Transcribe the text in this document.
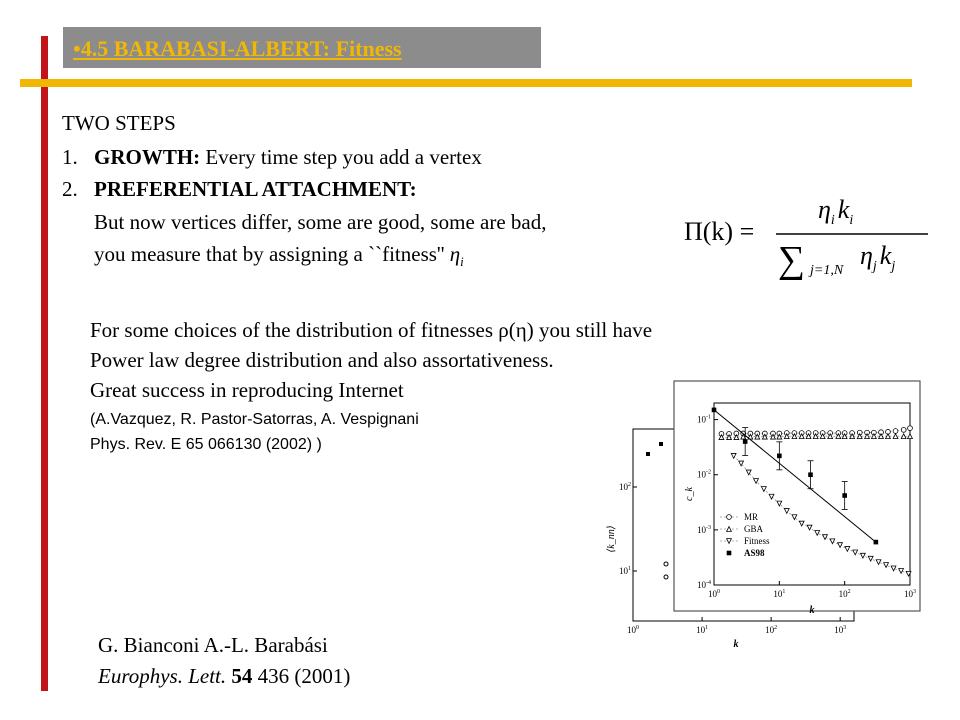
•4.5 BARABASI-ALBERT: Fitness
TWO STEPS
1. GROWTH: Every time step you add a vertex
2. PREFERENTIAL ATTACHMENT:
But now vertices differ, some are good, some are bad,
you measure that by assigning a ``fitness'' $\eta_i$
Π(k) =
$\eta_i$ $k_i$
∑ j=1,N
$\eta_j$ $k_j$
For some choices of the distribution of fitnesses ρ(η) you still have
Power law degree distribution and also assortativeness.
Great success in reproducing Internet
(A.Vazquez, R. Pastor-Satorras, A. Vespignani
Phys. Rev. E 65 066130 (2002) )
G. Bianconi A.-L. Barabási
Europhys. Lett. 54 436 (2001)
$10^0$	$10^1$	$10^2$	$10^3$
$10^2$
$10^1$
k
⟨k_nn⟩
$10^0$	$10^1$	$10^2$	$10^3$
$10^{-1}$
$10^{-2}$
$10^{-3}$
$10^{-4}$
k
c_k
MR
GBA
Fitness
AS98
